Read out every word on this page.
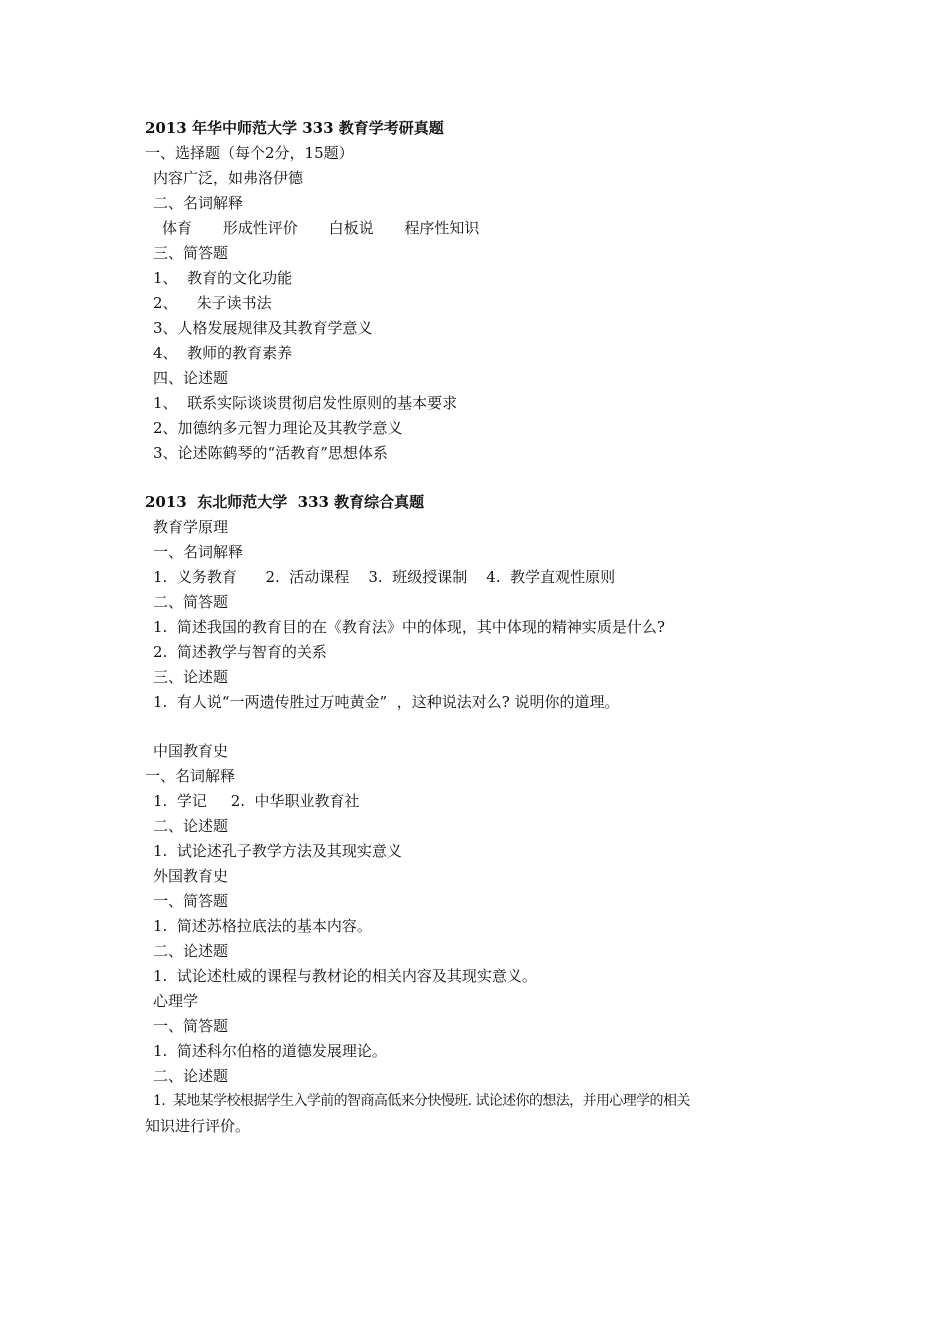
2013 年华中师范大学 333 教育学考研真题
一、选择题（每个2分，15题）
内容广泛，如弗洛伊德
二、名词解释
体育 形成性评价 白板说 程序性知识
三、简答题
1、  教育的文化功能
2、    朱子读书法
3、人格发展规律及其教育学意义
4、  教师的教育素养
四、论述题
1、  联系实际谈谈贯彻启发性原则的基本要求
2、加德纳多元智力理论及其教学意义
3、论述陈鹤琴的“活教育”思想体系
2013  东北师范大学  333 教育综合真题
教育学原理
一、名词解释
1.  义务教育      2.  活动课程    3.  班级授课制    4.  教学直观性原则
二、简答题
1.  简述我国的教育目的在《教育法》中的体现，其中体现的精神实质是什么?
2.  简述教学与智育的关系
三、论述题
1.  有人说“一两遗传胜过万吨黄金”  ，这种说法对么? 说明你的道理。
中国教育史
一、名词解释
1.  学记     2.  中华职业教育社
二、论述题
1.  试论述孔子教学方法及其现实意义
外国教育史
一、简答题
1.  简述苏格拉底法的基本内容。
二、论述题
1.  试论述杜威的课程与教材论的相关内容及其现实意义。
心理学
一、简答题
1.  简述科尔伯格的道德发展理论。
二、论述题
1.  某地某学校根据学生入学前的智商高低来分快慢班. 试论述你的想法，并用心理学的相关
知识进行评价。
